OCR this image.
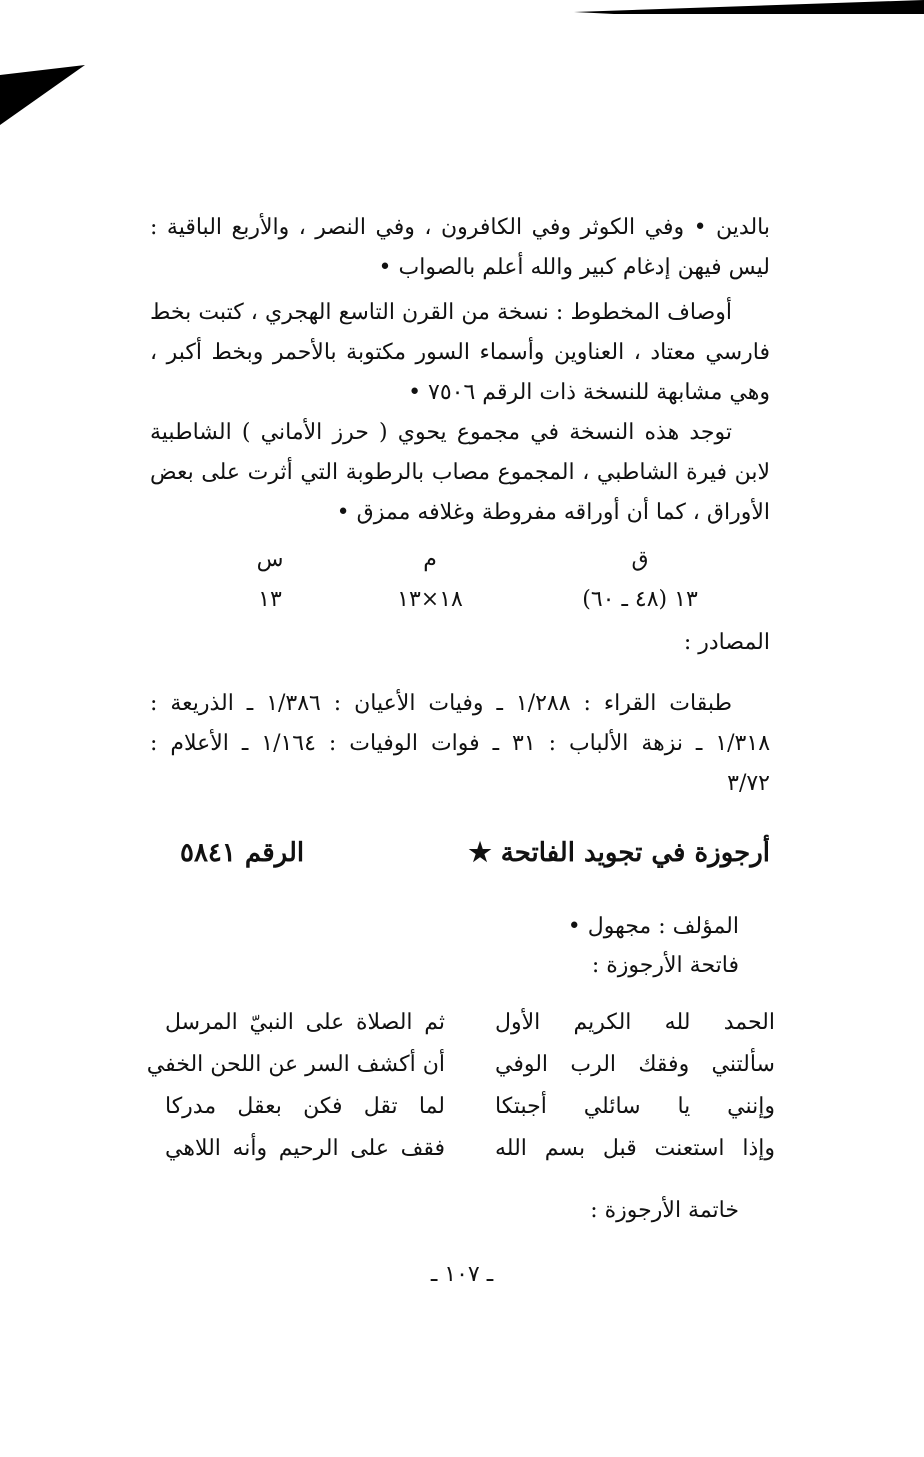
بالدين • وفي الكوثر وفي الكافرون ، وفي النصر ، والأربع الباقية :
ليس فيهن إدغام كبير والله أعلم بالصواب •
أوصاف المخطوط : نسخة من القرن التاسع الهجري ، كتبت بخط
فارسي معتاد ، العناوين وأسماء السور مكتوبة بالأحمر وبخط أكبر ،
وهي مشابهة للنسخة ذات الرقم ٧٥٠٦ •
توجد هذه النسخة في مجموع يحوي ( حرز الأماني ) الشاطبية
لابن فيرة الشاطبي ، المجموع مصاب بالرطوبة التي أثرت على بعض
الأوراق ، كما أن أوراقه مفروطة وغلافه ممزق •
ق
١٣ (٤٨ ـ ٦٠)
م
١٨×١٣
س
١٣
المصادر :
طبقات القراء : ١/٢٨٨ ـ وفيات الأعيان : ١/٣٨٦ ـ الذريعة :
١/٣١٨ ـ نزهة الألباب : ٣١ ـ فوات الوفيات : ١/١٦٤ ـ الأعلام :
٣/٧٢
أرجوزة في تجويد الفاتحة ★
الرقم ٥٨٤١
المؤلف : مجهول •
فاتحة الأرجوزة :
الحمد لله الكريم الأول
ثم الصلاة على النبيّ المرسل
سألتني وفقك الرب الوفي
أن أكشف السر عن اللحن الخفي
وإنني يا سائلي أجبتكا
لما تقل فكن بعقل مدركا
وإذا استعنت قبل بسم الله
فقف على الرحيم وأنه اللاهي
خاتمة الأرجوزة :
ـ ١٠٧ ـ
